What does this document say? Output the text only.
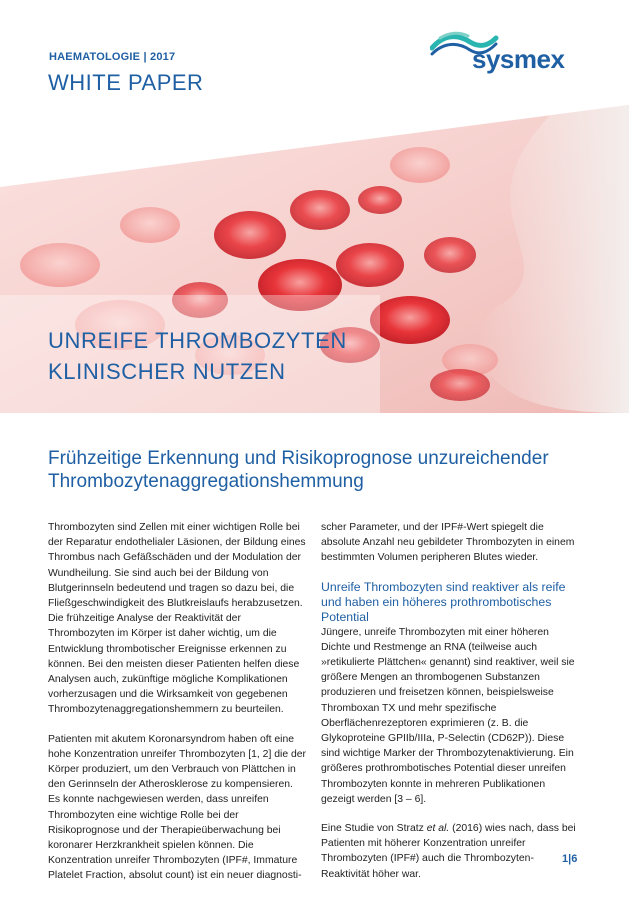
HAEMATOLOGIE | 2017
WHITE PAPER
sysmex
UNREIFE THROMBOZYTEN
KLINISCHER NUTZEN
Frühzeitige Erkennung und Risikoprognose unzureichender
Thrombozytenaggregationshemmung

Thrombozyten sind Zellen mit einer wichtigen Rolle bei der Reparatur endothelialer Läsionen, der Bildung eines Thrombus nach Gefäßschäden und der Modulation der Wundheilung. Sie sind auch bei der Bildung von Blutgerinnseln bedeutend und tragen so dazu bei, die Fließgeschwindigkeit des Blutkreislaufs herabzusetzen. Die frühzeitige Analyse der Reaktivität der Thrombozyten im Körper ist daher wichtig, um die Entwicklung thrombotischer Ereignisse erkennen zu können. Bei den meisten dieser Patienten helfen diese Analysen auch, zukünftige mögliche Komplikationen vorherzusagen und die Wirksamkeit von gegebenen Thrombozytenaggregationshemmern zu beurteilen.

Patienten mit akutem Koronarsyndrom haben oft eine hohe Konzentration unreifer Thrombozyten [1, 2] die der Körper produziert, um den Verbrauch von Plättchen in den Gerinnseln der Atherosklerose zu kompensieren. Es konnte nachgewiesen werden, dass unreifen Thrombozyten eine wichtige Rolle bei der Risikoprognose und der Therapieüberwachung bei koronarer Herzkrankheit spielen können. Die Konzentration unreifer Thrombozyten (IPF#, Immature Platelet Fraction, absolut count) ist ein neuer diagnosti-

scher Parameter, und der IPF#-Wert spiegelt die absolute Anzahl neu gebildeter Thrombozyten in einem bestimmten Volumen peripheren Blutes wieder.

Unreife Thrombozyten sind reaktiver als reife und haben ein höheres prothrombotisches Potential

Jüngere, unreife Thrombozyten mit einer höheren Dichte und Restmenge an RNA (teilweise auch »retikulierte Plättchen« genannt) sind reaktiver, weil sie größere Mengen an thrombogenen Substanzen produzieren und freisetzen können, beispielsweise Thromboxan TX und mehr spezifische Oberflächenrezeptoren exprimieren (z. B. die Glykoproteine GPIIb/IIIa, P-Selectin (CD62P)). Diese sind wichtige Marker der Thrombozytenaktivierung. Ein größeres prothrombotisches Potential dieser unreifen Thrombozyten konnte in mehreren Publikationen gezeigt werden [3 – 6].

Eine Studie von Stratz et al. (2016) wies nach, dass bei Patienten mit höherer Konzentration unreifer Thrombozyten (IPF#) auch die Thrombozyten-Reaktivität höher war.

1|6
